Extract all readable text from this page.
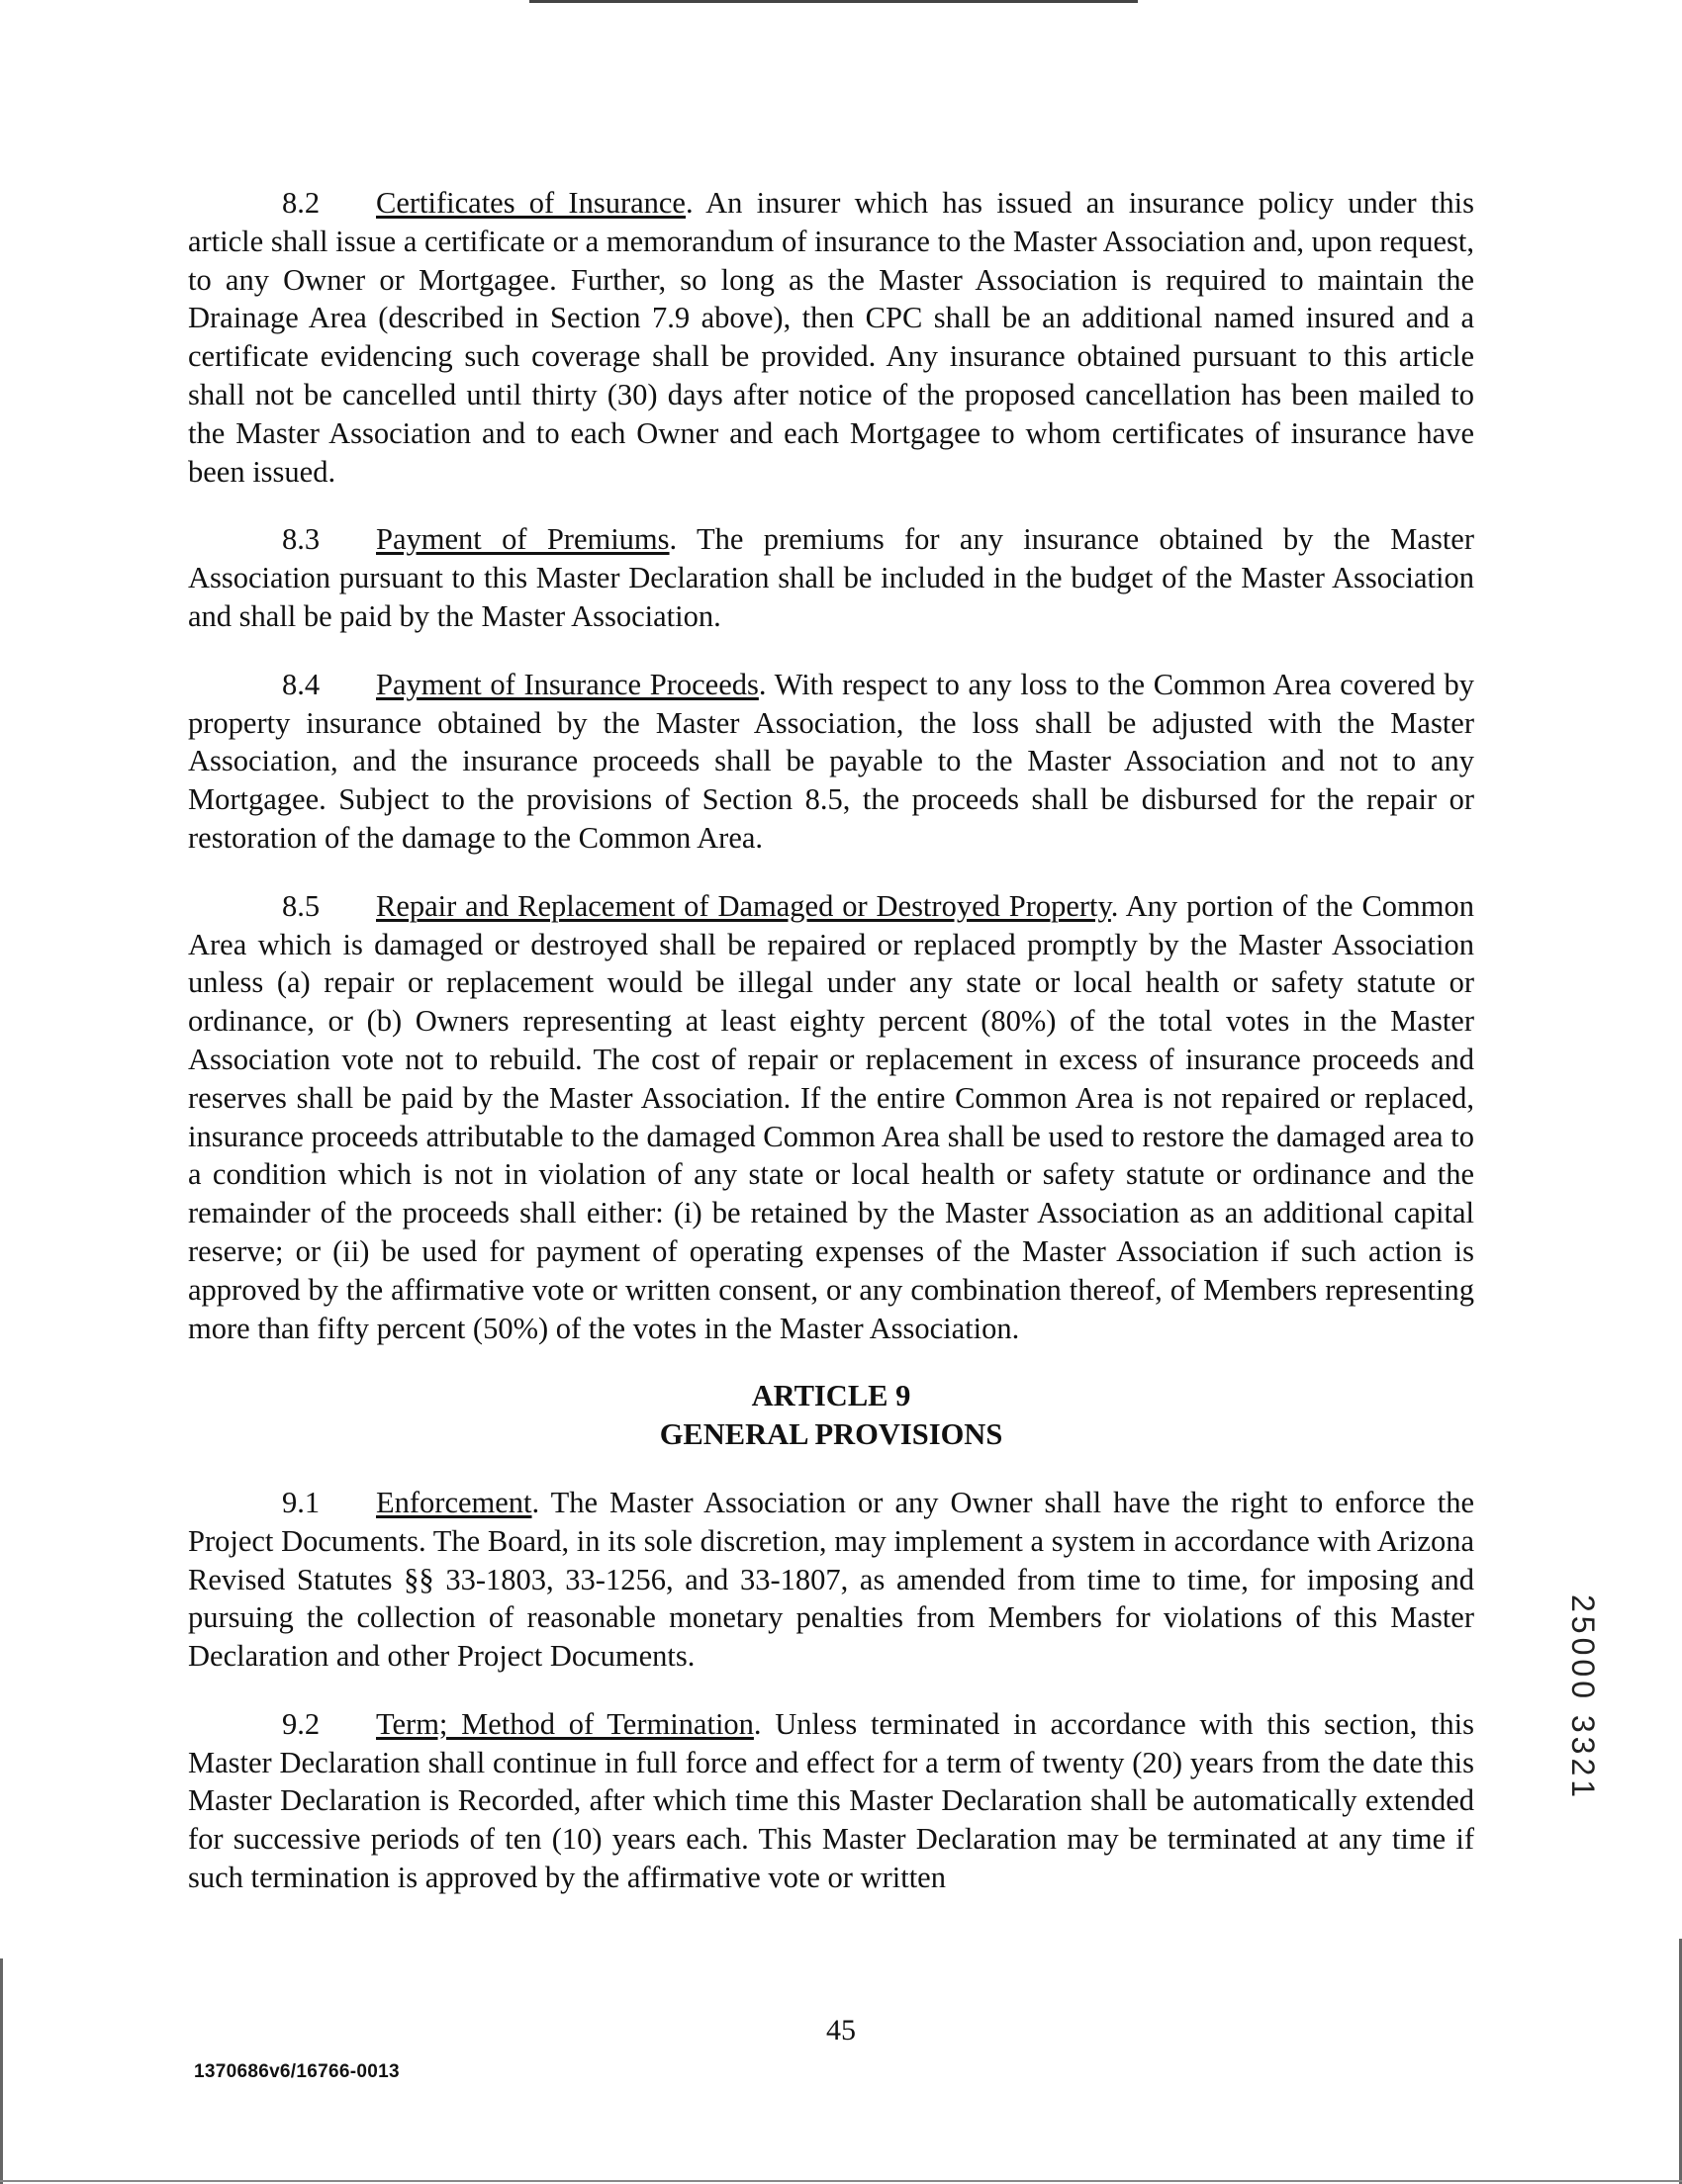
8.2 Certificates of Insurance. An insurer which has issued an insurance policy under this article shall issue a certificate or a memorandum of insurance to the Master Association and, upon request, to any Owner or Mortgagee. Further, so long as the Master Association is required to maintain the Drainage Area (described in Section 7.9 above), then CPC shall be an additional named insured and a certificate evidencing such coverage shall be provided. Any insurance obtained pursuant to this article shall not be cancelled until thirty (30) days after notice of the proposed cancellation has been mailed to the Master Association and to each Owner and each Mortgagee to whom certificates of insurance have been issued.

8.3 Payment of Premiums. The premiums for any insurance obtained by the Master Association pursuant to this Master Declaration shall be included in the budget of the Master Association and shall be paid by the Master Association.

8.4 Payment of Insurance Proceeds. With respect to any loss to the Common Area covered by property insurance obtained by the Master Association, the loss shall be adjusted with the Master Association, and the insurance proceeds shall be payable to the Master Association and not to any Mortgagee. Subject to the provisions of Section 8.5, the proceeds shall be disbursed for the repair or restoration of the damage to the Common Area.

8.5 Repair and Replacement of Damaged or Destroyed Property. Any portion of the Common Area which is damaged or destroyed shall be repaired or replaced promptly by the Master Association unless (a) repair or replacement would be illegal under any state or local health or safety statute or ordinance, or (b) Owners representing at least eighty percent (80%) of the total votes in the Master Association vote not to rebuild. The cost of repair or replacement in excess of insurance proceeds and reserves shall be paid by the Master Association. If the entire Common Area is not repaired or replaced, insurance proceeds attributable to the damaged Common Area shall be used to restore the damaged area to a condition which is not in violation of any state or local health or safety statute or ordinance and the remainder of the proceeds shall either: (i) be retained by the Master Association as an additional capital reserve; or (ii) be used for payment of operating expenses of the Master Association if such action is approved by the affirmative vote or written consent, or any combination thereof, of Members representing more than fifty percent (50%) of the votes in the Master Association.

ARTICLE 9
GENERAL PROVISIONS

9.1 Enforcement. The Master Association or any Owner shall have the right to enforce the Project Documents. The Board, in its sole discretion, may implement a system in accordance with Arizona Revised Statutes §§ 33-1803, 33-1256, and 33-1807, as amended from time to time, for imposing and pursuing the collection of reasonable monetary penalties from Members for violations of this Master Declaration and other Project Documents.

9.2 Term; Method of Termination. Unless terminated in accordance with this section, this Master Declaration shall continue in full force and effect for a term of twenty (20) years from the date this Master Declaration is Recorded, after which time this Master Declaration shall be automatically extended for successive periods of ten (10) years each. This Master Declaration may be terminated at any time if such termination is approved by the affirmative vote or written

25000 3321
45
1370686v6/16766-0013
